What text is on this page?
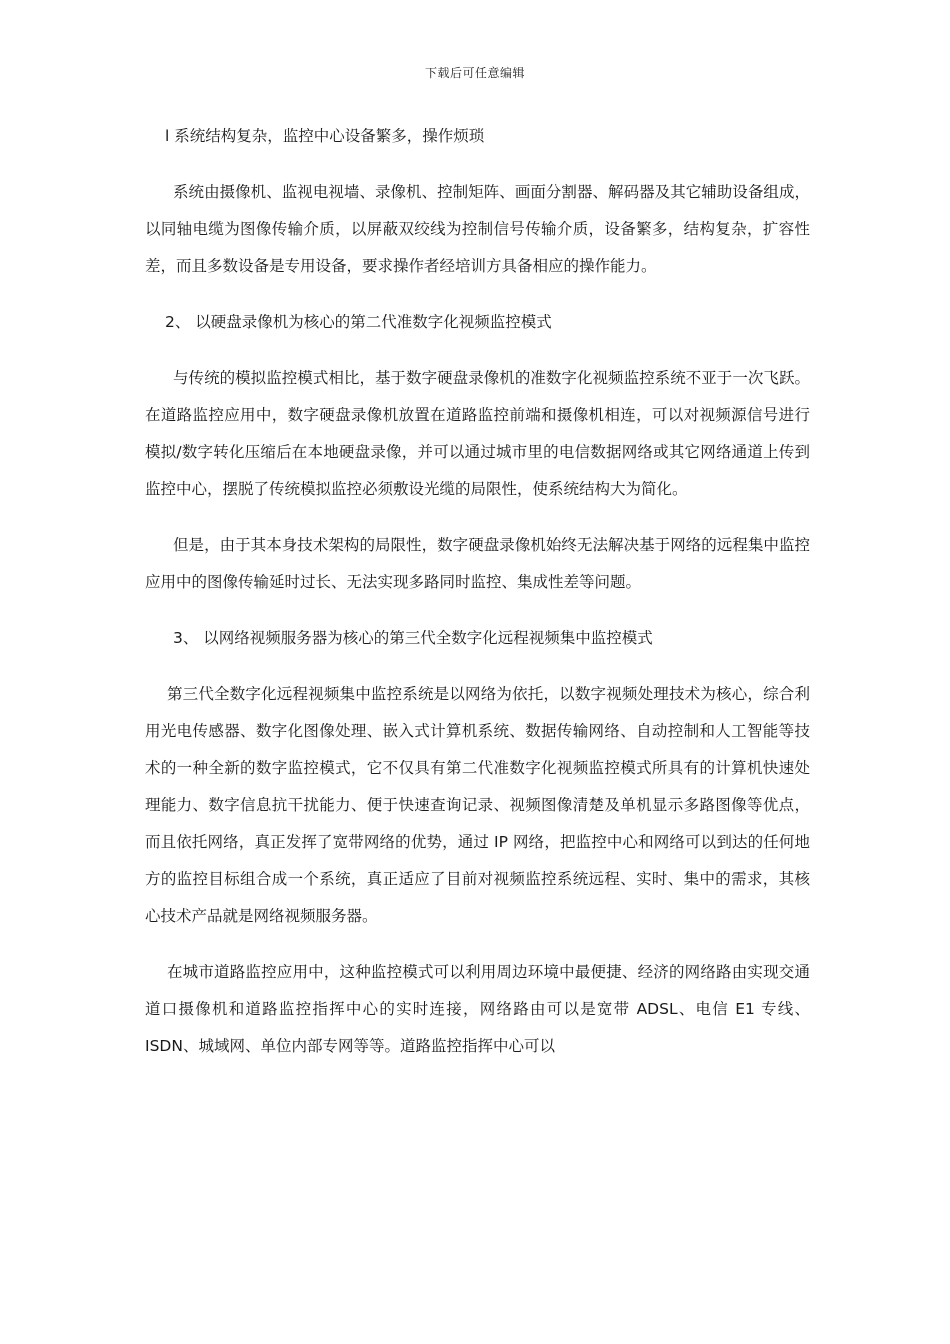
下载后可任意编辑

l 系统结构复杂，监控中心设备繁多，操作烦琐

系统由摄像机、监视电视墙、录像机、控制矩阵、画面分割器、解码器及其它辅助设备组成，以同轴电缆为图像传输介质，以屏蔽双绞线为控制信号传输介质，设备繁多，结构复杂，扩容性差，而且多数设备是专用设备，要求操作者经培训方具备相应的操作能力。

2、 以硬盘录像机为核心的第二代准数字化视频监控模式

与传统的模拟监控模式相比，基于数字硬盘录像机的准数字化视频监控系统不亚于一次飞跃。在道路监控应用中，数字硬盘录像机放置在道路监控前端和摄像机相连，可以对视频源信号进行模拟/数字转化压缩后在本地硬盘录像，并可以通过城市里的电信数据网络或其它网络通道上传到监控中心，摆脱了传统模拟监控必须敷设光缆的局限性，使系统结构大为简化。

但是，由于其本身技术架构的局限性，数字硬盘录像机始终无法解决基于网络的远程集中监控应用中的图像传输延时过长、无法实现多路同时监控、集成性差等问题。

3、 以网络视频服务器为核心的第三代全数字化远程视频集中监控模式

第三代全数字化远程视频集中监控系统是以网络为依托，以数字视频处理技术为核心，综合利用光电传感器、数字化图像处理、嵌入式计算机系统、数据传输网络、自动控制和人工智能等技术的一种全新的数字监控模式，它不仅具有第二代准数字化视频监控模式所具有的计算机快速处理能力、数字信息抗干扰能力、便于快速查询记录、视频图像清楚及单机显示多路图像等优点，而且依托网络，真正发挥了宽带网络的优势，通过 IP 网络，把监控中心和网络可以到达的任何地方的监控目标组合成一个系统，真正适应了目前对视频监控系统远程、实时、集中的需求，其核心技术产品就是网络视频服务器。

在城市道路监控应用中，这种监控模式可以利用周边环境中最便捷、经济的网络路由实现交通道口摄像机和道路监控指挥中心的实时连接，网络路由可以是宽带 ADSL、电信 E1 专线、ISDN、城域网、单位内部专网等等。道路监控指挥中心可以
